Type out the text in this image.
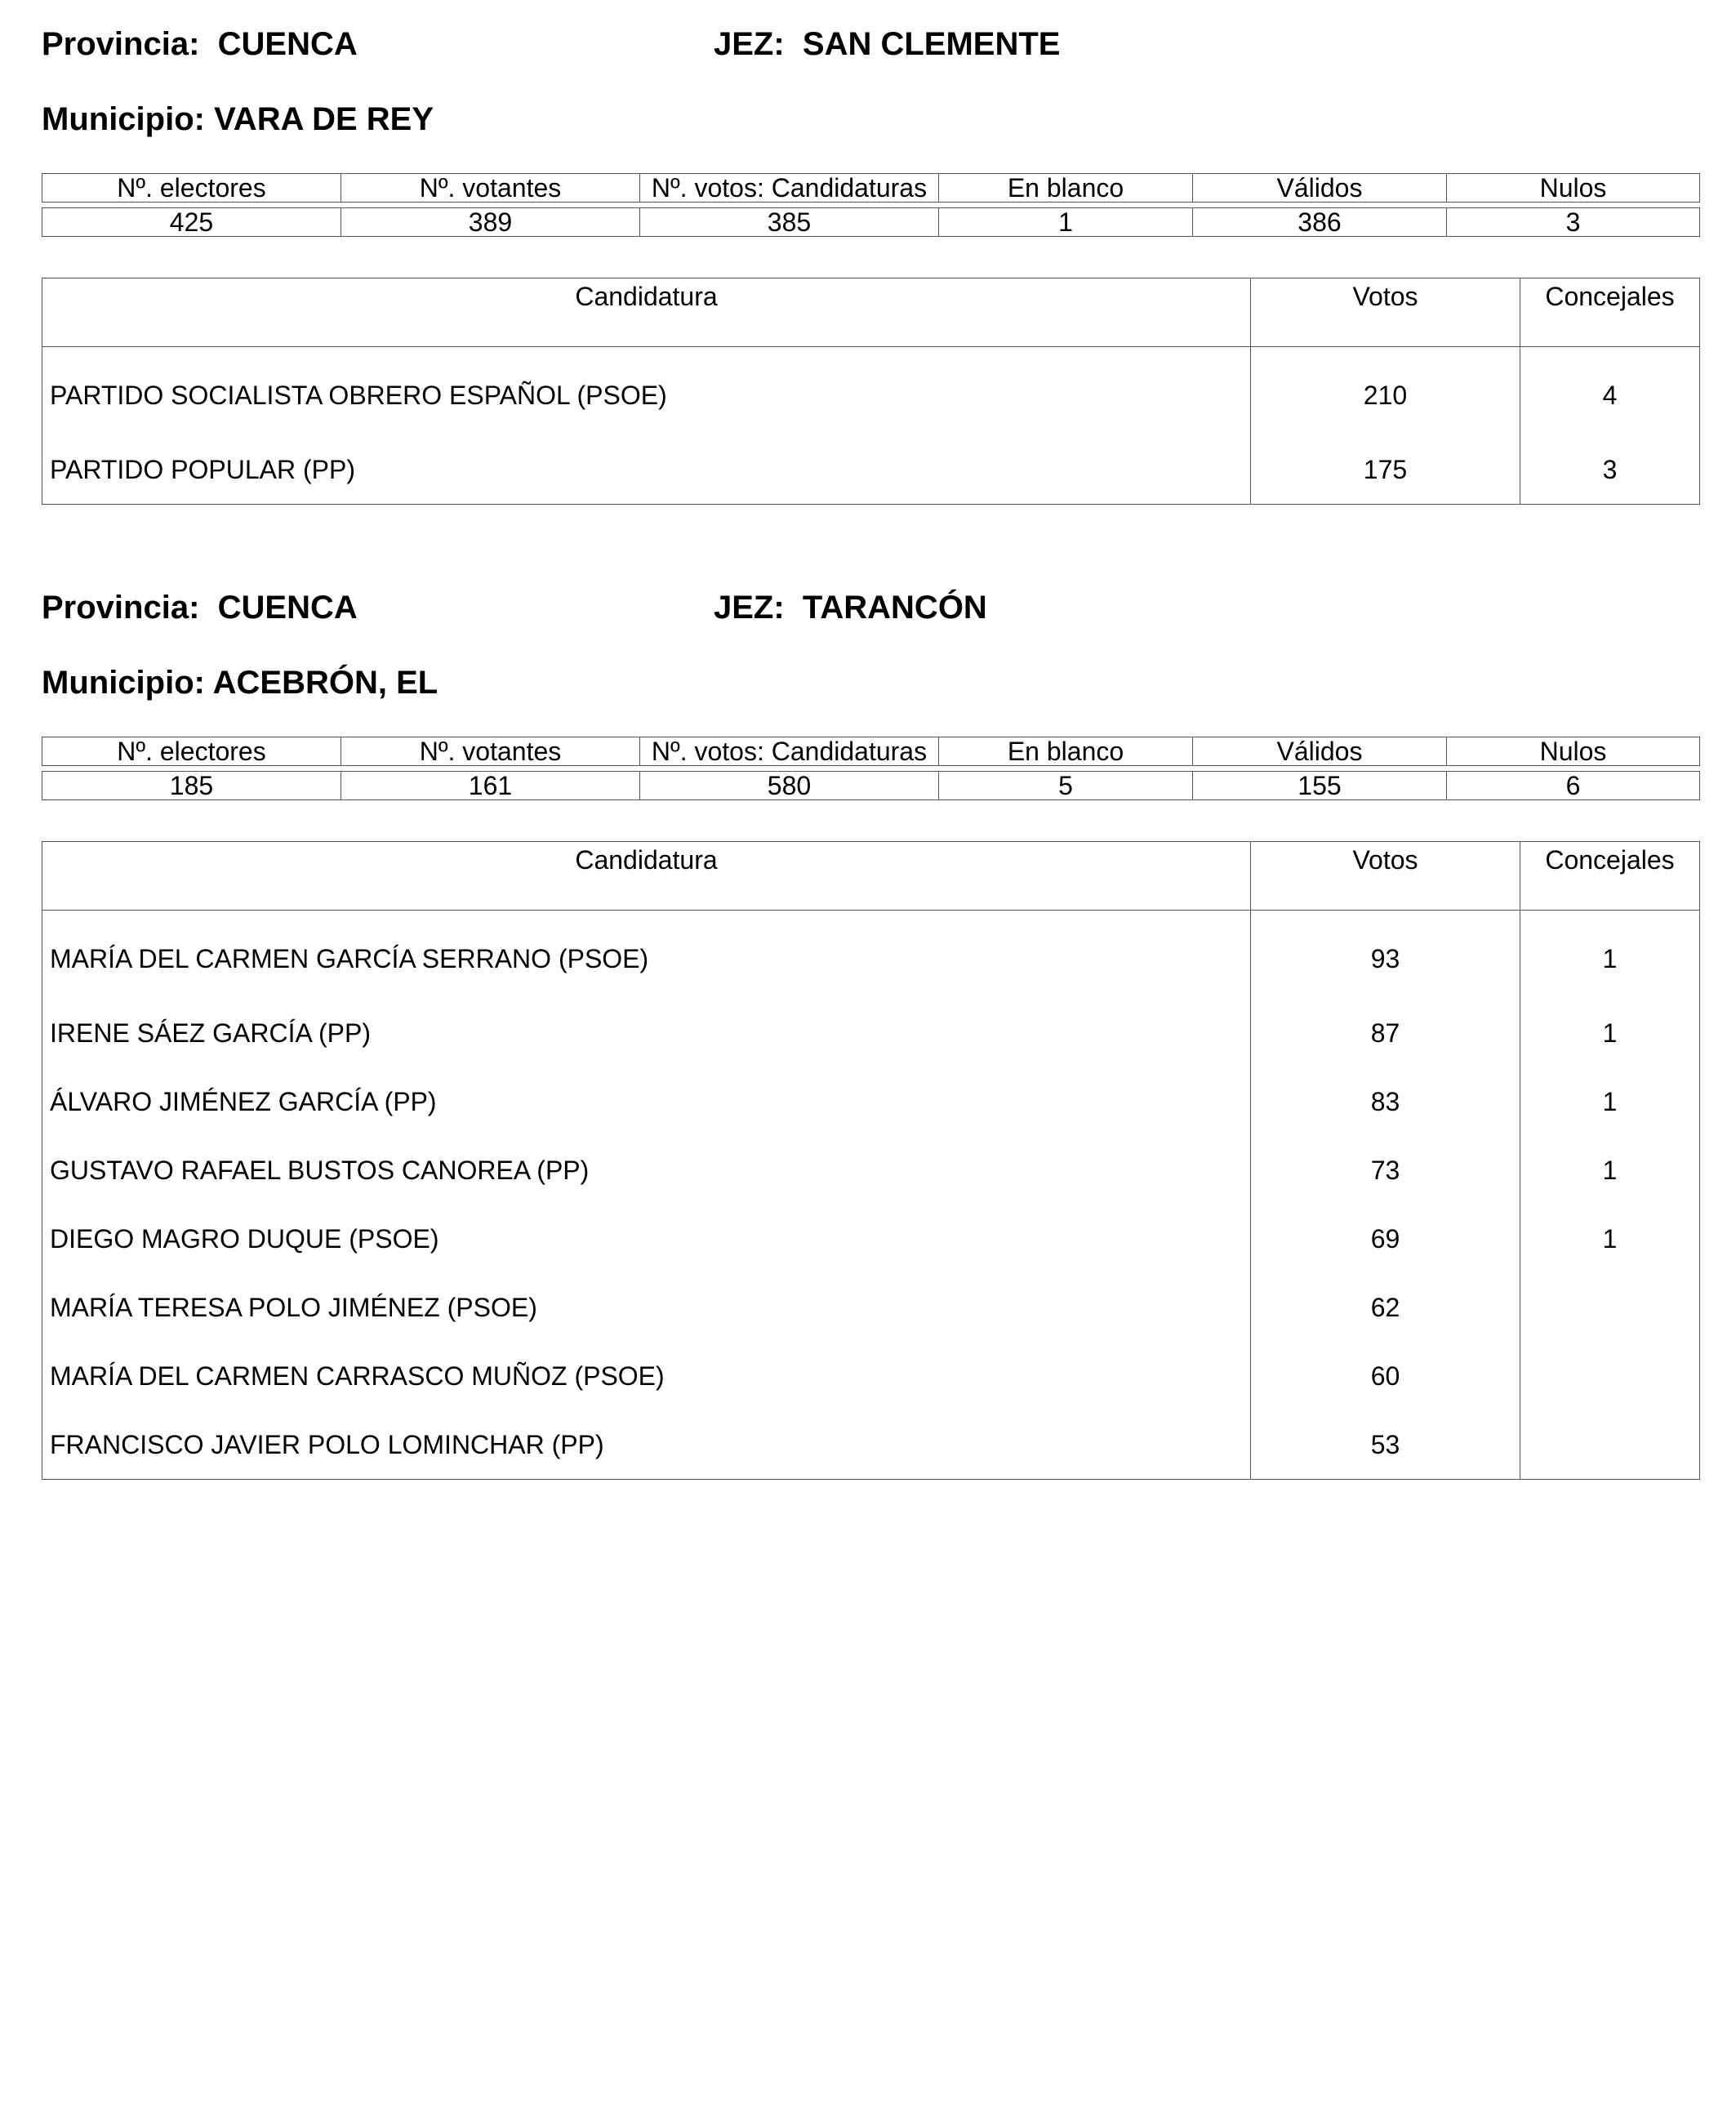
Provincia: CUENCA	JEZ: SAN CLEMENTE
Municipio: VARA DE REY
Nº. electores	Nº. votantes	Nº. votos: Candidaturas	En blanco	Válidos	Nulos

425	389	385	1	386	3
Candidatura	Votos	Concejales
PARTIDO SOCIALISTA OBRERO ESPAÑOL (PSOE)	210	4
PARTIDO POPULAR (PP)	175	3
Provincia: CUENCA	JEZ: TARANCÓN
Municipio: ACEBRÓN, EL
Nº. electores	Nº. votantes	Nº. votos: Candidaturas	En blanco	Válidos	Nulos

185	161	580	5	155	6
Candidatura	Votos	Concejales
MARÍA DEL CARMEN GARCÍA SERRANO (PSOE)	93	1
IRENE SÁEZ GARCÍA (PP)	87	1
ÁLVARO JIMÉNEZ GARCÍA (PP)	83	1
GUSTAVO RAFAEL BUSTOS CANOREA (PP)	73	1
DIEGO MAGRO DUQUE (PSOE)	69	1
MARÍA TERESA POLO JIMÉNEZ (PSOE)	62	
MARÍA DEL CARMEN CARRASCO MUÑOZ (PSOE)	60	
FRANCISCO JAVIER POLO LOMINCHAR (PP)	53	
